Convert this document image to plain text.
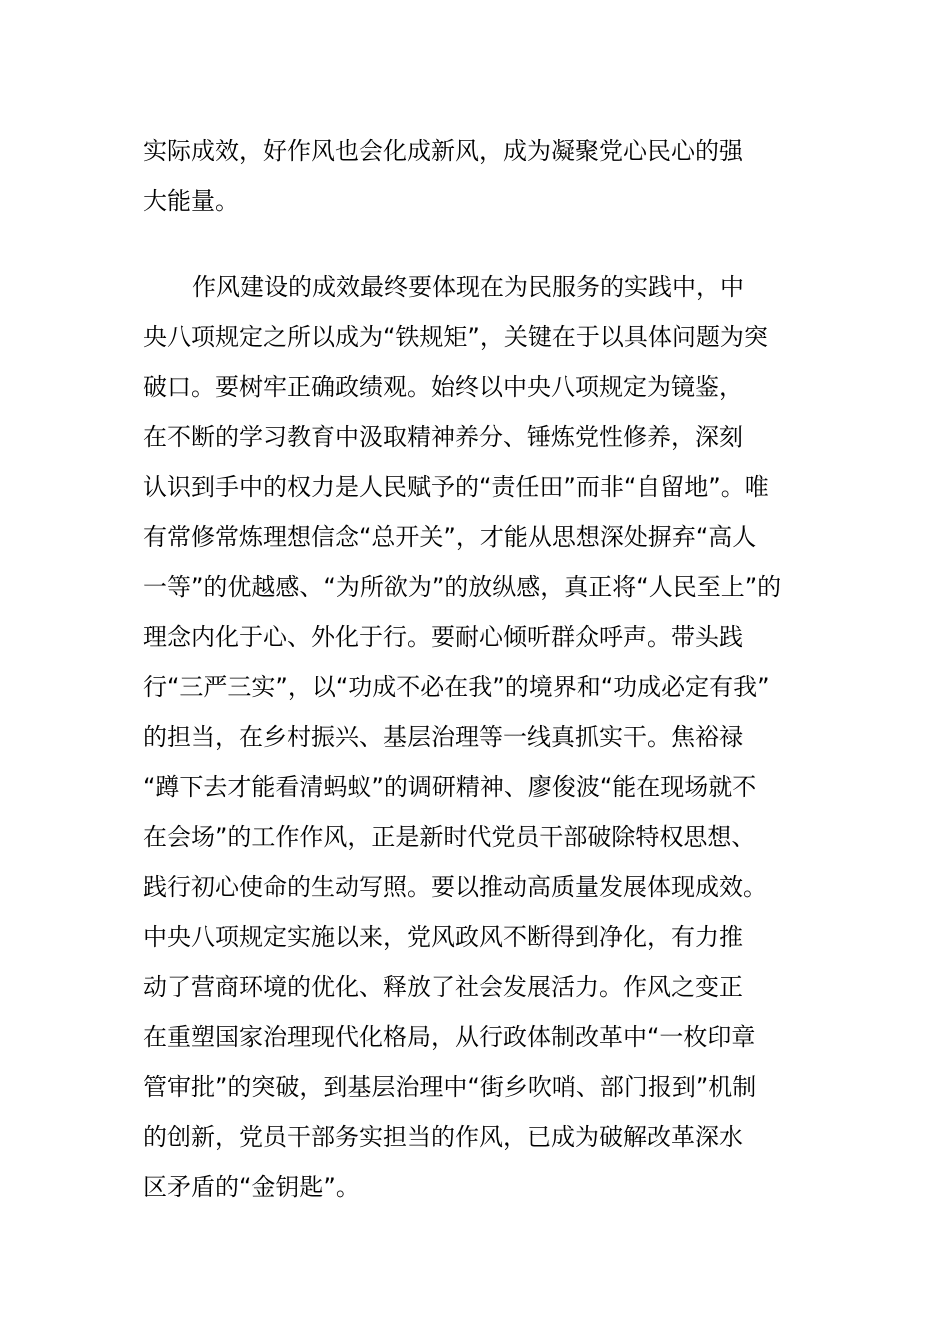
实际成效，好作风也会化成新风，成为凝聚党心民心的强
大能量。
作风建设的成效最终要体现在为民服务的实践中，中
央八项规定之所以成为“铁规矩”，关键在于以具体问题为突
破口。要树牢正确政绩观。始终以中央八项规定为镜鉴，
在不断的学习教育中汲取精神养分、锤炼党性修养，深刻
认识到手中的权力是人民赋予的“责任田”而非“自留地”。唯
有常修常炼理想信念“总开关”，才能从思想深处摒弃“高人
一等”的优越感、“为所欲为”的放纵感，真正将“人民至上”的
理念内化于心、外化于行。要耐心倾听群众呼声。带头践
行“三严三实”，以“功成不必在我”的境界和“功成必定有我”
的担当，在乡村振兴、基层治理等一线真抓实干。焦裕禄
“蹲下去才能看清蚂蚁”的调研精神、廖俊波“能在现场就不
在会场”的工作作风，正是新时代党员干部破除特权思想、
践行初心使命的生动写照。要以推动高质量发展体现成效。
中央八项规定实施以来，党风政风不断得到净化，有力推
动了营商环境的优化、释放了社会发展活力。作风之变正
在重塑国家治理现代化格局，从行政体制改革中“一枚印章
管审批”的突破，到基层治理中“街乡吹哨、部门报到”机制
的创新，党员干部务实担当的作风，已成为破解改革深水
区矛盾的“金钥匙”。
